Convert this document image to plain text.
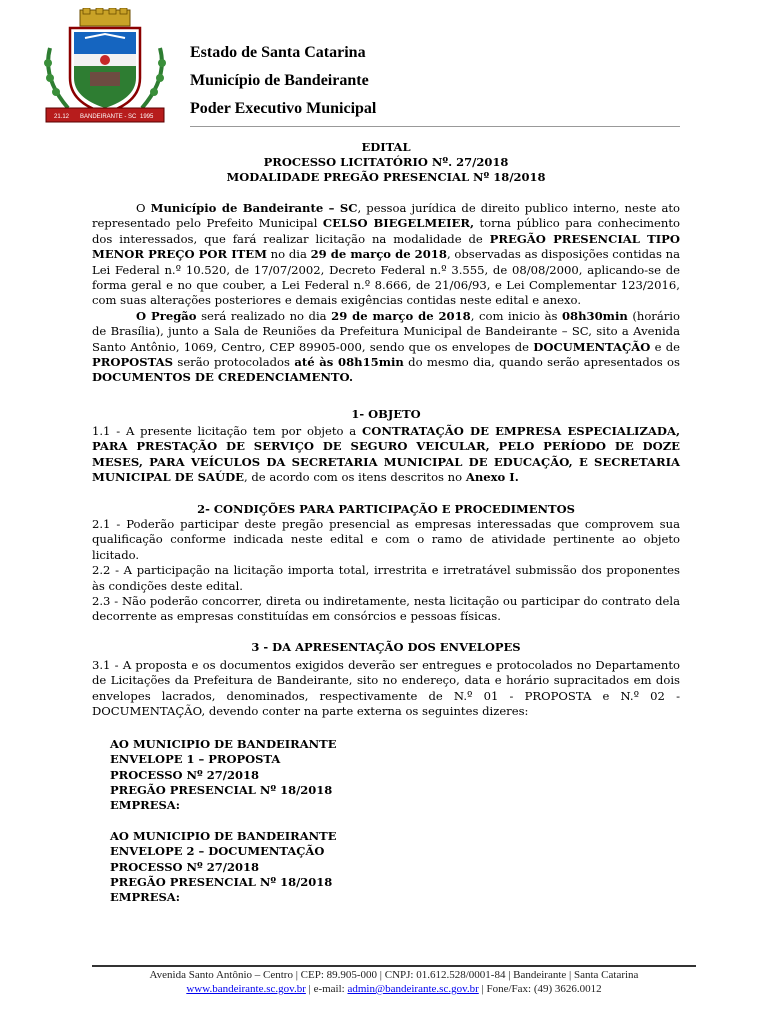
21.12 BANDEIRANTE - SC 1995
Estado de Santa Catarina
Município de Bandeirante
Poder Executivo Municipal
EDITAL
PROCESSO LICITATÓRIO Nº. 27/2018
MODALIDADE PREGÃO PRESENCIAL Nº 18/2018

O Município de Bandeirante – SC, pessoa jurídica de direito publico interno, neste ato representado pelo Prefeito Municipal CELSO BIEGELMEIER, torna público para conhecimento dos interessados, que fará realizar licitação na modalidade de PREGÃO PRESENCIAL TIPO MENOR PREÇO POR ITEM no dia 29 de março de 2018, observadas as disposições contidas na Lei Federal n.º 10.520, de 17/07/2002, Decreto Federal n.º 3.555, de 08/08/2000, aplicando-se de forma geral e no que couber, a Lei Federal n.º 8.666, de 21/06/93, e Lei Complementar 123/2016, com suas alterações posteriores e demais exigências contidas neste edital e anexo.

O Pregão será realizado no dia 29 de março de 2018, com inicio às 08h30min (horário de Brasília), junto a Sala de Reuniões da Prefeitura Municipal de Bandeirante – SC, sito a Avenida Santo Antônio, 1069, Centro, CEP 89905-000, sendo que os envelopes de DOCUMENTAÇÃO e de PROPOSTAS serão protocolados até às 08h15min do mesmo dia, quando serão apresentados os DOCUMENTOS DE CREDENCIAMENTO.

1- OBJETO

1.1 - A presente licitação tem por objeto a CONTRATAÇÃO DE EMPRESA ESPECIALIZADA, PARA PRESTAÇÃO DE SERVIÇO DE SEGURO VEICULAR, PELO PERÍODO DE DOZE MESES, PARA VEÍCULOS DA SECRETARIA MUNICIPAL DE EDUCAÇÃO, E SECRETARIA MUNICIPAL DE SAÚDE, de acordo com os itens descritos no Anexo I.

2- CONDIÇÕES PARA PARTICIPAÇÃO E PROCEDIMENTOS

2.1 - Poderão participar deste pregão presencial as empresas interessadas que comprovem sua qualificação conforme indicada neste edital e com o ramo de atividade pertinente ao objeto licitado.

2.2 - A participação na licitação importa total, irrestrita e irretratável submissão dos proponentes às condições deste edital.

2.3 - Não poderão concorrer, direta ou indiretamente, nesta licitação ou participar do contrato dela decorrente as empresas constituídas em consórcios e pessoas físicas.

3 - DA APRESENTAÇÃO DOS ENVELOPES

3.1 - A proposta e os documentos exigidos deverão ser entregues e protocolados no Departamento de Licitações da Prefeitura de Bandeirante, sito no endereço, data e horário supracitados em dois envelopes lacrados, denominados, respectivamente de N.º 01 - PROPOSTA e N.º 02 - DOCUMENTAÇÃO, devendo conter na parte externa os seguintes dizeres:

AO MUNICIPIO DE BANDEIRANTE
ENVELOPE 1 – PROPOSTA
PROCESSO Nº 27/2018
PREGÃO PRESENCIAL Nº 18/2018
EMPRESA:
AO MUNICIPIO DE BANDEIRANTE
ENVELOPE 2 – DOCUMENTAÇÃO
PROCESSO Nº 27/2018
PREGÃO PRESENCIAL Nº 18/2018
EMPRESA:
Avenida Santo Antônio – Centro | CEP: 89.905-000 | CNPJ: 01.612.528/0001-84 | Bandeirante | Santa Catarina
www.bandeirante.sc.gov.br | e-mail: admin@bandeirante.sc.gov.br | Fone/Fax: (49) 3626.0012
